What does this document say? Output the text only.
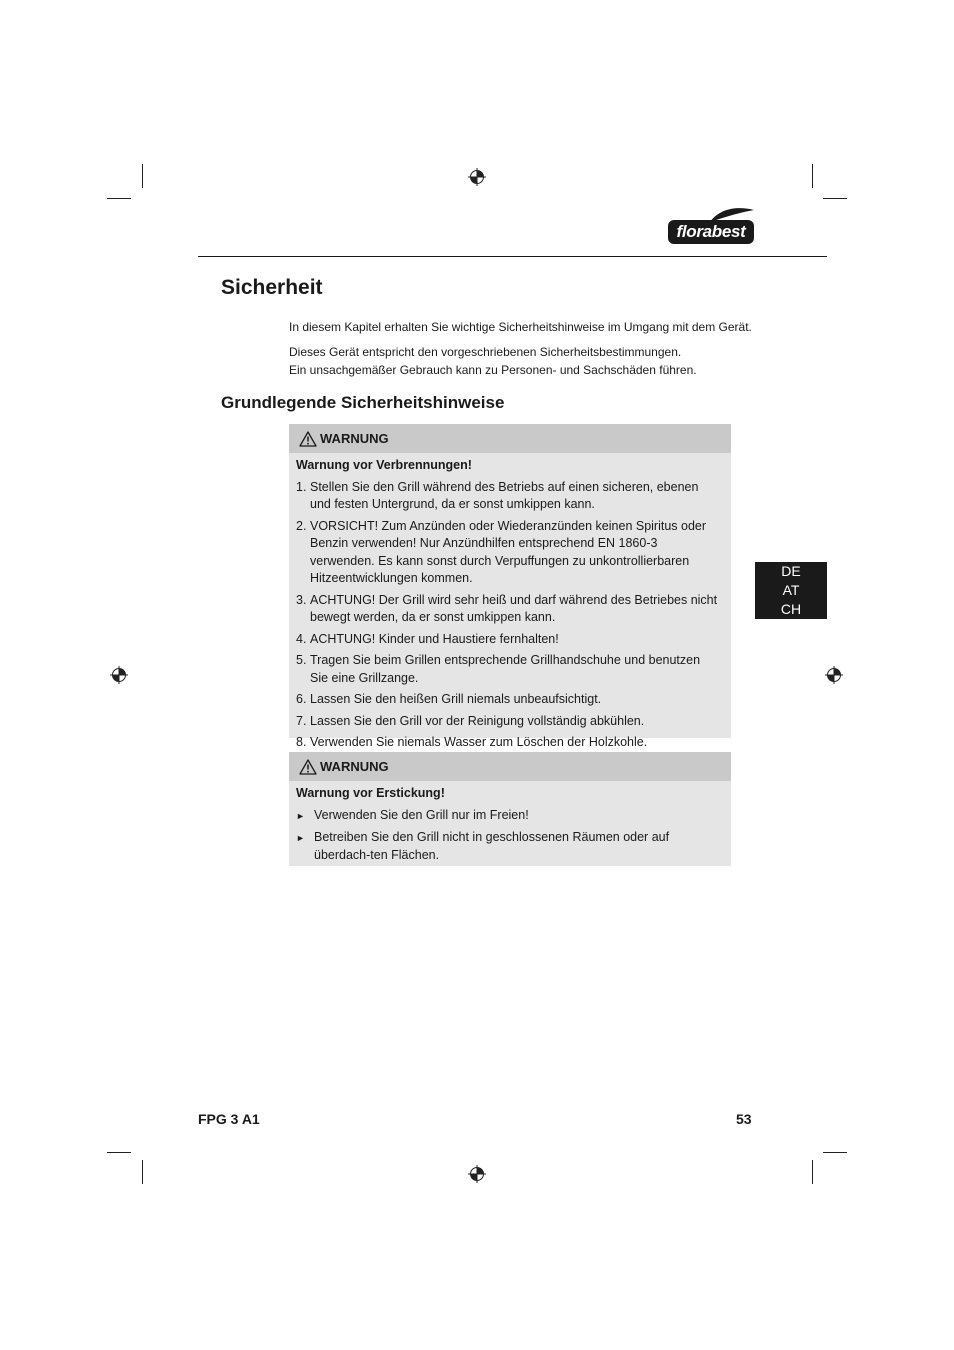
florabest
Sicherheit

In diesem Kapitel erhalten Sie wichtige Sicherheitshinweise im Umgang mit dem Gerät.

Dieses Gerät entspricht den vorgeschriebenen Sicherheitsbestimmungen.

Ein unsachgemäßer Gebrauch kann zu Personen- und Sachschäden führen.

Grundlegende Sicherheitshinweise
WARNUNG

Warnung vor Verbrennungen!

1. Stellen Sie den Grill während des Betriebs auf einen sicheren, ebenen und festen Untergrund, da er sonst umkippen kann.
2. VORSICHT! Zum Anzünden oder Wiederanzünden keinen Spiritus oder Benzin verwenden! Nur Anzündhilfen entsprechend EN 1860-3 verwenden. Es kann sonst durch Verpuffungen zu unkontrollierbaren Hitzeentwicklungen kommen.
3. ACHTUNG! Der Grill wird sehr heiß und darf während des Betriebes nicht bewegt werden, da er sonst umkippen kann.
4. ACHTUNG! Kinder und Haustiere fernhalten!
5. Tragen Sie beim Grillen entsprechende Grillhandschuhe und benutzen Sie eine Grillzange.
6. Lassen Sie den heißen Grill niemals unbeaufsichtigt.
7. Lassen Sie den Grill vor der Reinigung vollständig abkühlen.
8. Verwenden Sie niemals Wasser zum Löschen der Holzkohle.
WARNUNG

Warnung vor Erstickung!

► Verwenden Sie den Grill nur im Freien!
► Betreiben Sie den Grill nicht in geschlossenen Räumen oder auf überdach-ten Flächen.
DE
AT
CH
FPG 3 A1	53
